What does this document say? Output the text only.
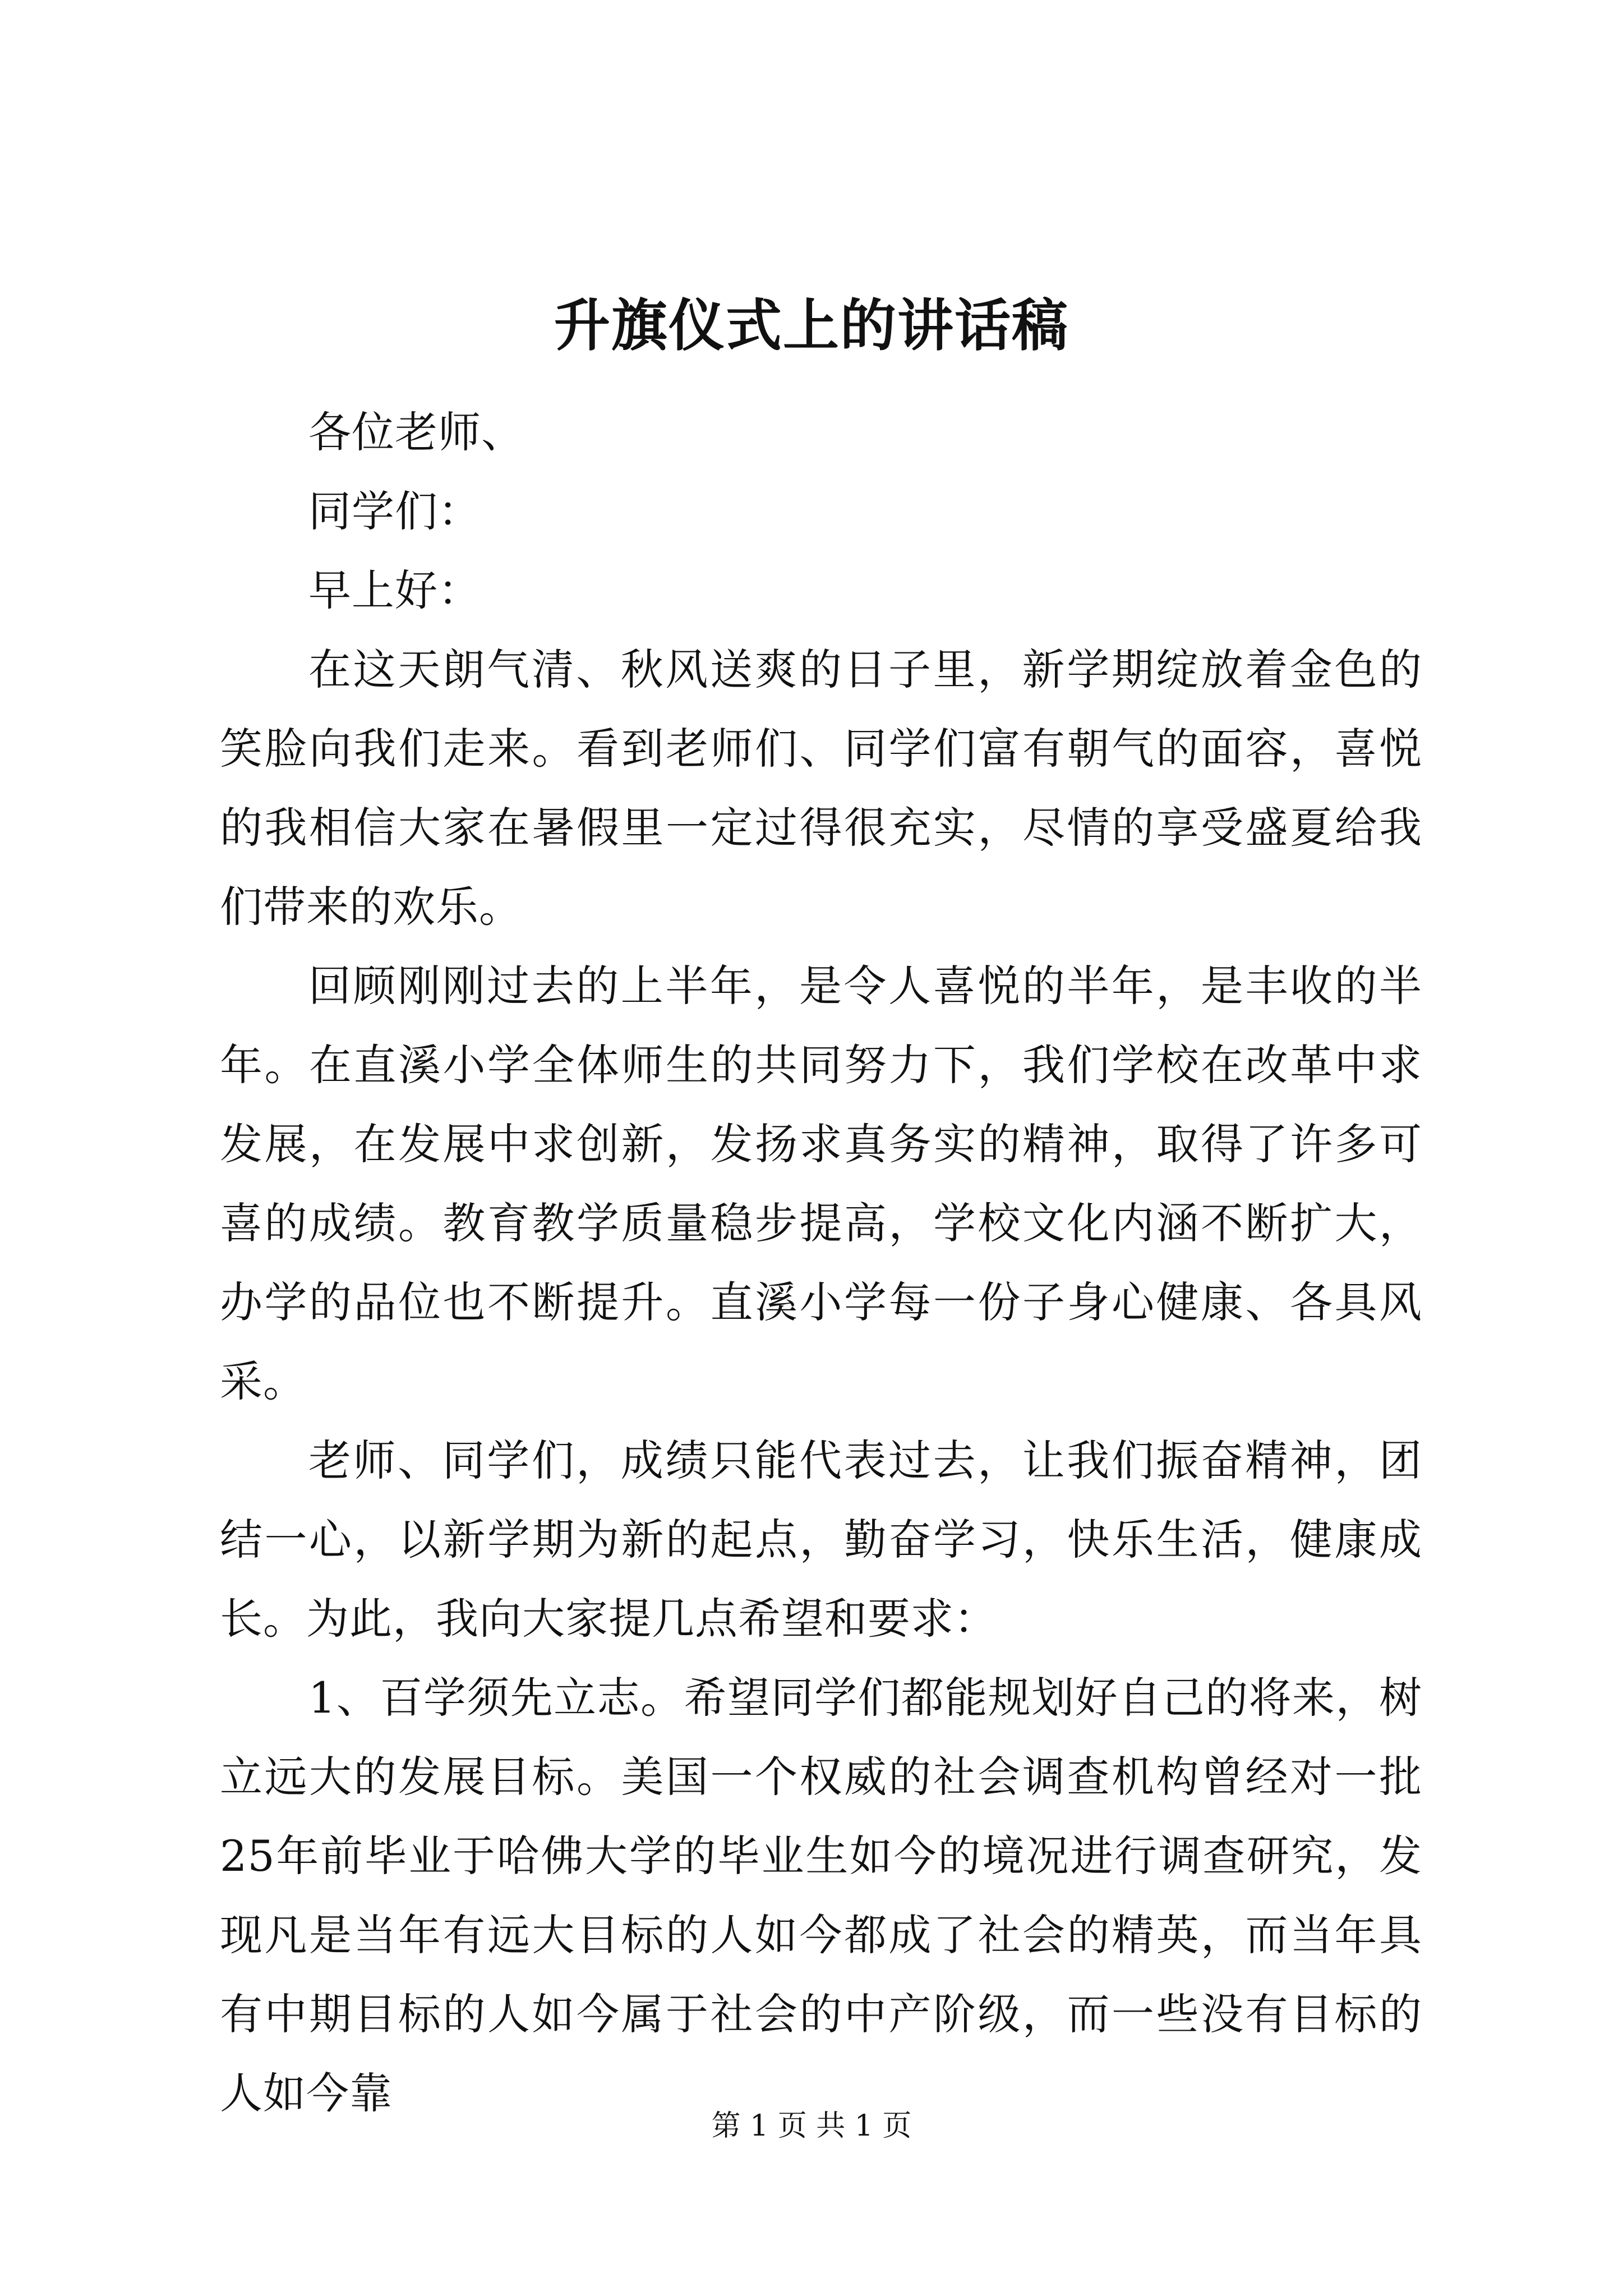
升旗仪式上的讲话稿

各位老师、

同学们：

早上好：

在这天朗气清、秋风送爽的日子里，新学期绽放着金色的笑脸向我们走来。看到老师们、同学们富有朝气的面容，喜悦的我相信大家在暑假里一定过得很充实，尽情的享受盛夏给我们带来的欢乐。

回顾刚刚过去的上半年，是令人喜悦的半年，是丰收的半年。在直溪小学全体师生的共同努力下，我们学校在改革中求发展，在发展中求创新，发扬求真务实的精神，取得了许多可喜的成绩。教育教学质量稳步提高，学校文化内涵不断扩大，办学的品位也不断提升。直溪小学每一份子身心健康、各具风采。

老师、同学们，成绩只能代表过去，让我们振奋精神，团结一心，以新学期为新的起点，勤奋学习，快乐生活，健康成长。为此，我向大家提几点希望和要求：

1、百学须先立志。希望同学们都能规划好自己的将来，树立远大的发展目标。美国一个权威的社会调查机构曾经对一批25年前毕业于哈佛大学的毕业生如今的境况进行调查研究，发现凡是当年有远大目标的人如今都成了社会的精英，而当年具有中期目标的人如今属于社会的中产阶级，而一些没有目标的人如今靠

第 1 页 共 1 页
